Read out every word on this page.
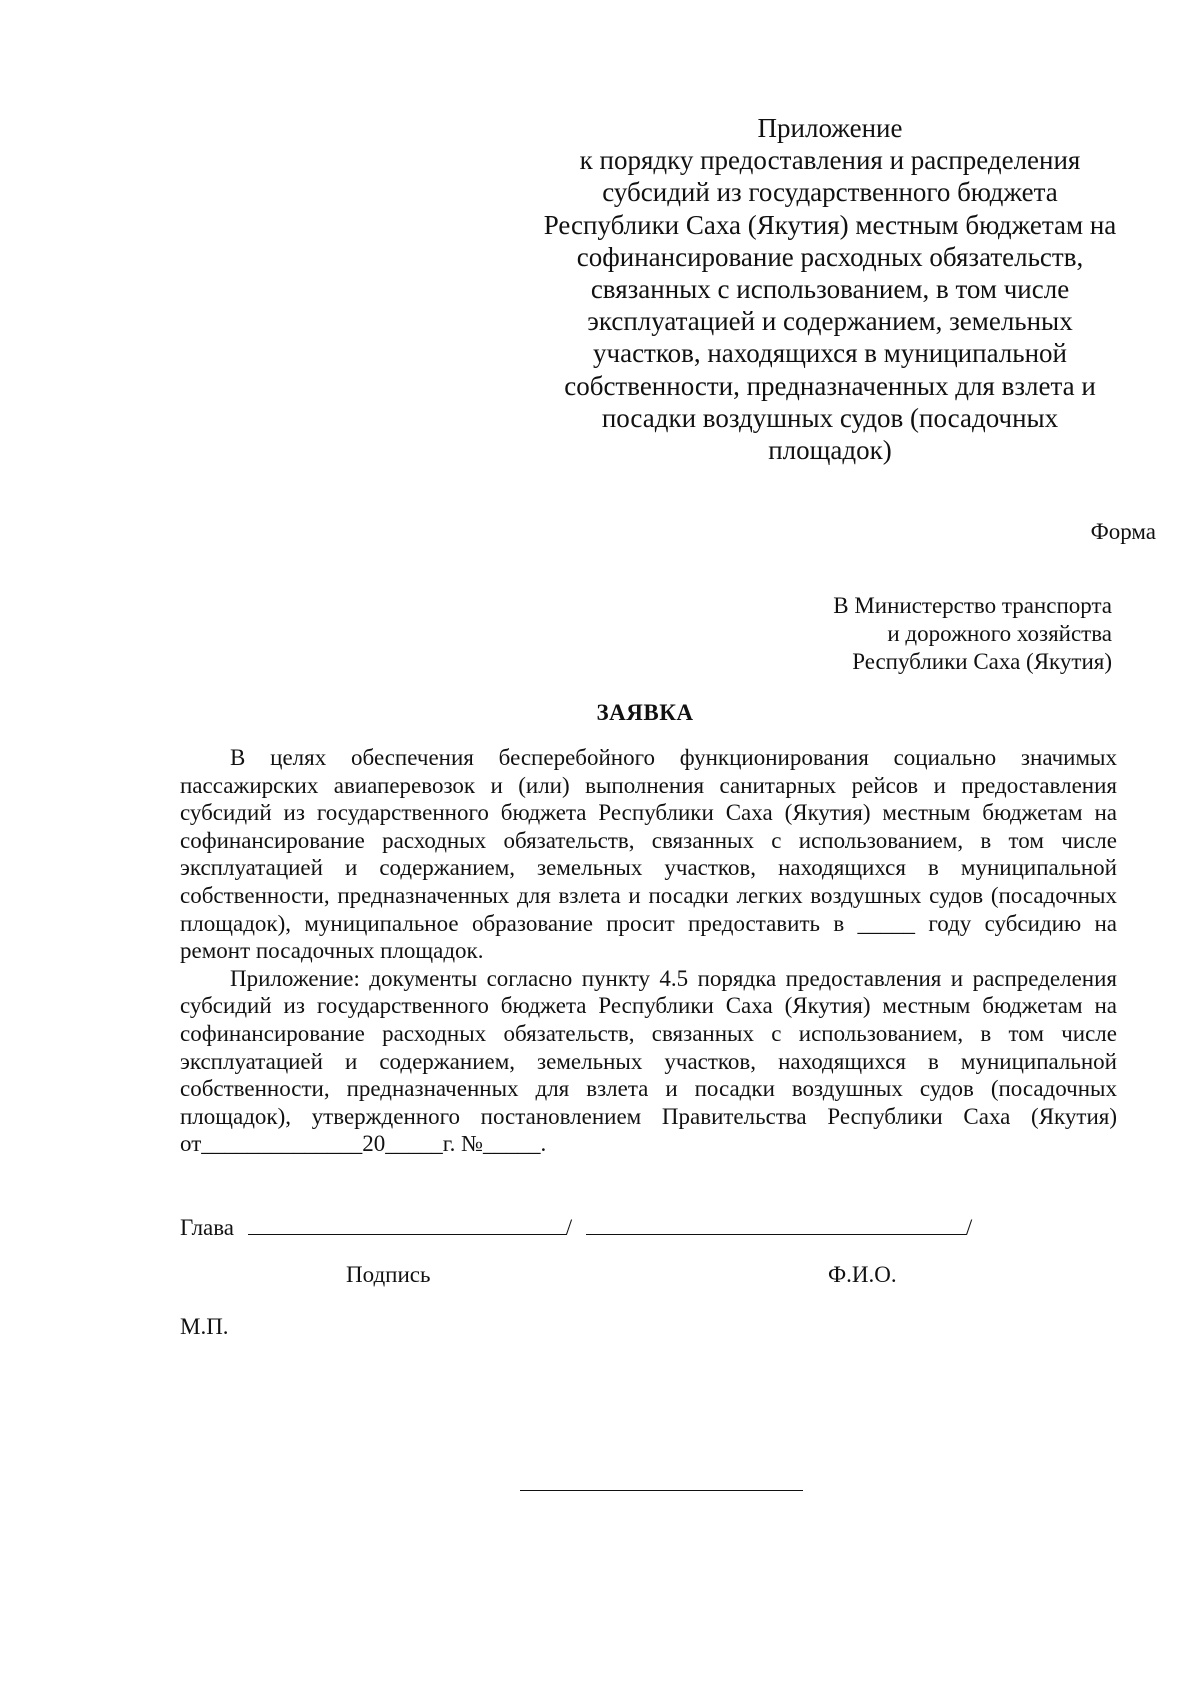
Приложение
к порядку предоставления и распределения
субсидий из государственного бюджета
Республики Саха (Якутия) местным бюджетам на
софинансирование расходных обязательств,
связанных с использованием, в том числе
эксплуатацией и содержанием, земельных
участков, находящихся в муниципальной
собственности, предназначенных для взлета и
посадки воздушных судов (посадочных
площадок)
Форма
В Министерство транспорта
и дорожного хозяйства
Республики Саха (Якутия)
ЗАЯВКА

В целях обеспечения бесперебойного функционирования социально значимых пассажирских авиаперевозок и (или) выполнения санитарных рейсов и предоставления субсидий из государственного бюджета Республики Саха (Якутия) местным бюджетам на софинансирование расходных обязательств, связанных с использованием, в том числе эксплуатацией и содержанием, земельных участков, находящихся в муниципальной собственности, предназначенных для взлета и посадки легких воздушных судов (посадочных площадок), муниципальное образование просит предоставить в _____ году субсидию на ремонт посадочных площадок.

Приложение: документы согласно пункту 4.5 порядка предоставления и распределения субсидий из государственного бюджета Республики Саха (Якутия) местным бюджетам на софинансирование расходных обязательств, связанных с использованием, в том числе эксплуатацией и содержанием, земельных участков, находящихся в муниципальной собственности, предназначенных для взлета и посадки воздушных судов (посадочных площадок), утвержденного постановлением Правительства Республики Саха (Якутия) от______________20_____г. №_____.

Глава	/	/
Подпись	Ф.И.О.
М.П.
